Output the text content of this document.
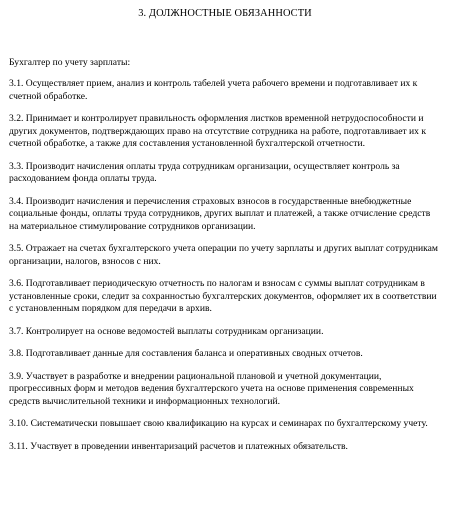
3. ДОЛЖНОСТНЫЕ ОБЯЗАННОСТИ
Бухгалтер по учету зарплаты:
3.1. Осуществляет прием, анализ и контроль табелей учета рабочего времени и подготавливает их к счетной обработке.
3.2. Принимает и контролирует правильность оформления листков временной нетрудоспособности и других документов, подтверждающих право на отсутствие сотрудника на работе, подготавливает их к счетной обработке, а также для составления установленной бухгалтерской отчетности.
3.3. Производит начисления оплаты труда сотрудникам организации, осуществляет контроль за расходованием фонда оплаты труда.
3.4. Производит начисления и перечисления страховых взносов в государственные внебюджетные социальные фонды, оплаты труда сотрудников, других выплат и платежей, а также отчисление средств на материальное стимулирование сотрудников организации.
3.5. Отражает на счетах бухгалтерского учета операции по учету зарплаты и других выплат сотрудникам организации, налогов, взносов с них.
3.6. Подготавливает периодическую отчетность по налогам и взносам с суммы выплат сотрудникам в установленные сроки, следит за сохранностью бухгалтерских документов, оформляет их в соответствии с установленным порядком для передачи в архив.
3.7. Контролирует на основе ведомостей выплаты сотрудникам организации.
3.8. Подготавливает данные для составления баланса и оперативных сводных отчетов.
3.9. Участвует в разработке и внедрении рациональной плановой и учетной документации, прогрессивных форм и методов ведения бухгалтерского учета на основе применения современных средств вычислительной техники и информационных технологий.
3.10. Систематически повышает свою квалификацию на курсах и семинарах по бухгалтерскому учету.
3.11. Участвует в проведении инвентаризаций расчетов и платежных обязательств.
